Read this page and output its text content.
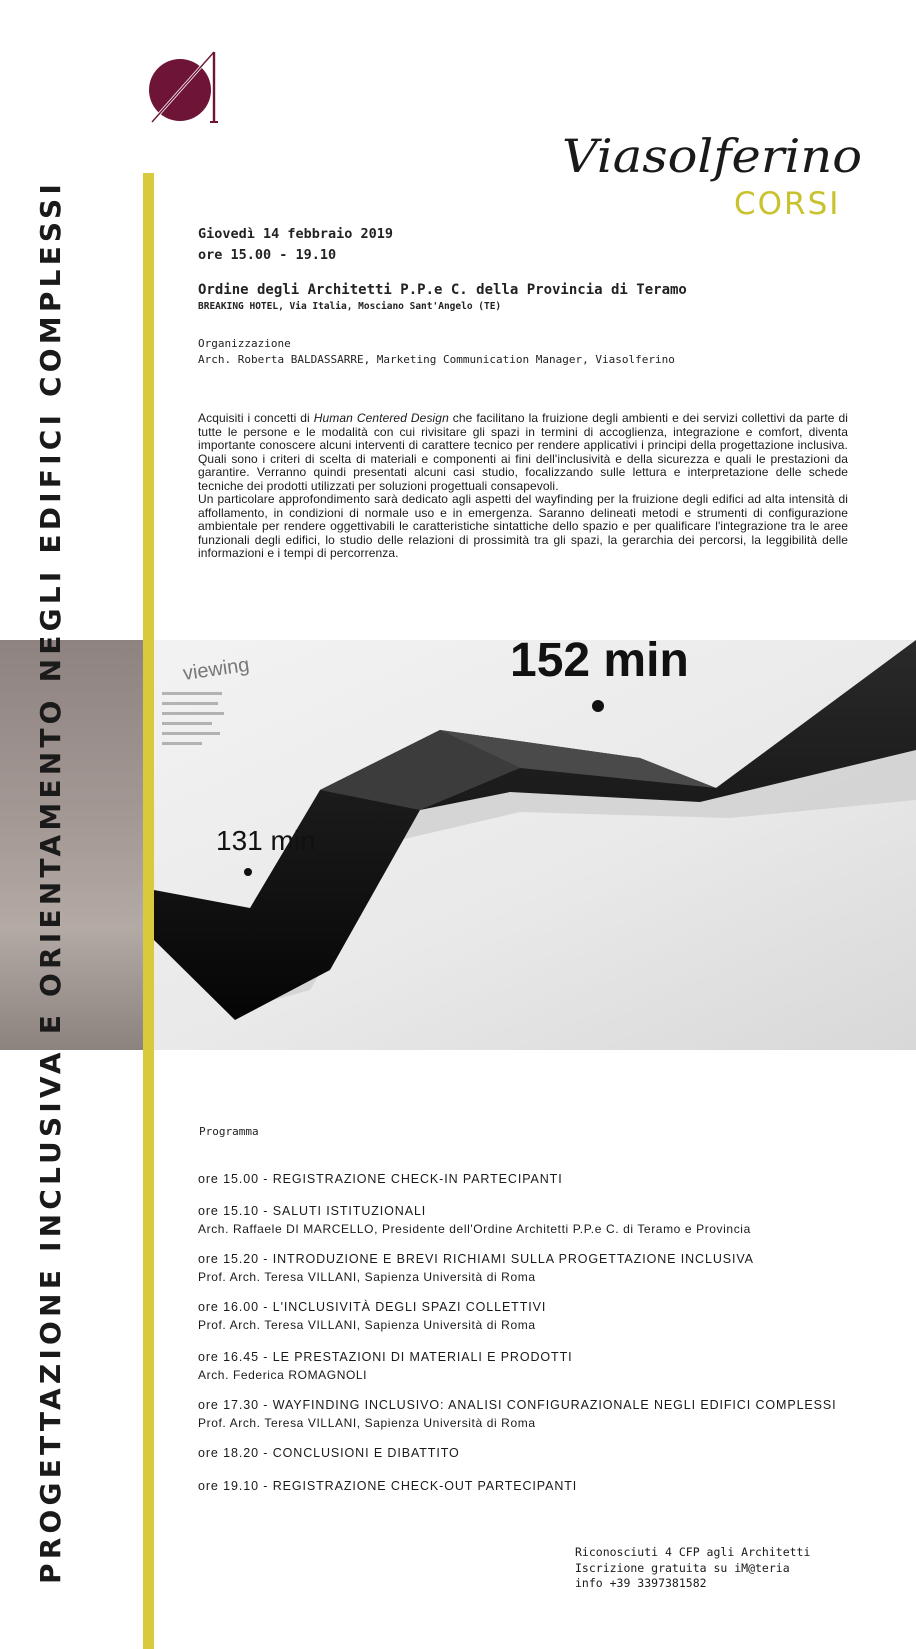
Viasolferino
CORSI
152 min
131 min
viewing
PROGETTAZIONE INCLUSIVA E ORIENTAMENTO NEGLI EDIFICI COMPLESSI	Giovedì 14 febbraio 2019
ore 15.00 - 19.10
Ordine degli Architetti P.P.e C. della Provincia di Teramo
BREAKING HOTEL, Via Italia, Mosciano Sant'Angelo (TE)
Organizzazione
Arch. Roberta BALDASSARRE, Marketing Communication Manager, Viasolferino

Acquisiti i concetti di Human Centered Design che facilitano la fruizione degli ambienti e dei servizi collettivi da parte di tutte le persone e le modalità con cui rivisitare gli spazi in termini di accoglienza, integrazione e comfort, diventa importante conoscere alcuni interventi di carattere tecnico per rendere applicativi i principi della progettazione inclusiva. Quali sono i criteri di scelta di materiali e componenti ai fini dell'inclusività e della sicurezza e quali le prestazioni da garantire. Verranno quindi presentati alcuni casi studio, focalizzando sulle lettura e interpretazione delle schede tecniche dei prodotti utilizzati per soluzioni progettuali consapevoli.

Un particolare approfondimento sarà dedicato agli aspetti del wayfinding per la fruizione degli edifici ad alta intensità di affollamento, in condizioni di normale uso e in emergenza. Saranno delineati metodi e strumenti di configurazione ambientale per rendere oggettivabili le caratteristiche sintattiche dello spazio e per qualificare l'integrazione tra le aree funzionali degli edifici, lo studio delle relazioni di prossimità tra gli spazi, la gerarchia dei percorsi, la leggibilità delle informazioni e i tempi di percorrenza.

Programma
ore 15.00 - REGISTRAZIONE CHECK-IN PARTECIPANTI
ore 15.10 - SALUTI ISTITUZIONALI
Arch. Raffaele DI MARCELLO, Presidente dell'Ordine Architetti P.P.e C. di Teramo e Provincia
ore 15.20 - INTRODUZIONE E BREVI RICHIAMI SULLA PROGETTAZIONE INCLUSIVA
Prof. Arch. Teresa VILLANI, Sapienza Università di Roma
ore 16.00 - L'INCLUSIVITÀ DEGLI SPAZI COLLETTIVI
Prof. Arch. Teresa VILLANI, Sapienza Università di Roma
ore 16.45 - LE PRESTAZIONI DI MATERIALI E PRODOTTI
Arch. Federica ROMAGNOLI
ore 17.30 - WAYFINDING INCLUSIVO: ANALISI CONFIGURAZIONALE NEGLI EDIFICI COMPLESSI
Prof. Arch. Teresa VILLANI, Sapienza Università di Roma
ore 18.20 - CONCLUSIONI E DIBATTITO
ore 19.10 - REGISTRAZIONE CHECK-OUT PARTECIPANTI
Riconosciuti 4 CFP agli Architetti
Iscrizione gratuita su iM@teria
info +39 3397381582
